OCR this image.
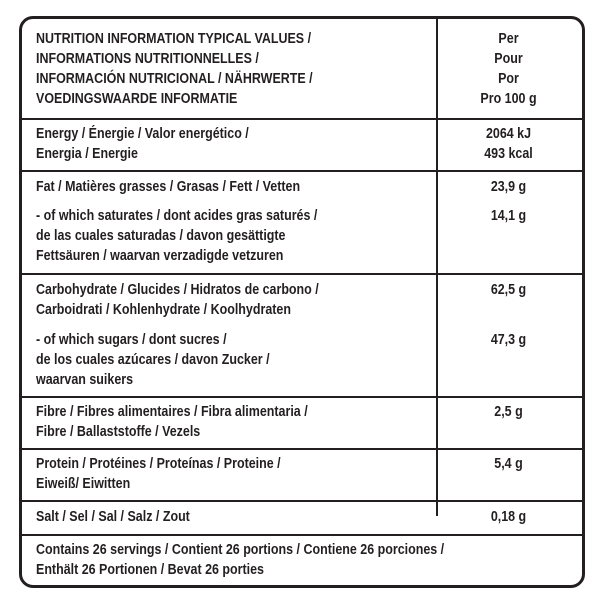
NUTRITION INFORMATION TYPICAL VALUES /
INFORMATIONS NUTRITIONNELLES /
INFORMACIÓN NUTRICIONAL / NÄHRWERTE /
VOEDINGSWAARDE INFORMATIE
Per
Pour
Por
Pro 100 g
Energy / Énergie / Valor energético /
Energia / Energie
2064 kJ
493 kcal
Fat / Matières grasses / Grasas / Fett / Vetten	23,9 g
- of which saturates / dont acides gras saturés /
de las cuales saturadas / davon gesättigte
Fettsäuren / waarvan verzadigde vetzuren
14,1 g
Carbohydrate / Glucides / Hidratos de carbono /
Carboidrati / Kohlenhydrate / Koolhydraten
62,5 g
- of which sugars / dont sucres /
de los cuales azúcares / davon Zucker /
waarvan suikers
47,3 g
Fibre / Fibres alimentaires / Fibra alimentaria /
Fibre / Ballaststoffe / Vezels
2,5 g
Protein / Protéines / Proteínas / Proteine /
Eiweiß/ Eiwitten
5,4 g
Salt / Sel / Sal / Salz / Zout	0,18 g
Contains 26 servings / Contient 26 portions / Contiene 26 porciones /
Enthält 26 Portionen / Bevat 26 porties
